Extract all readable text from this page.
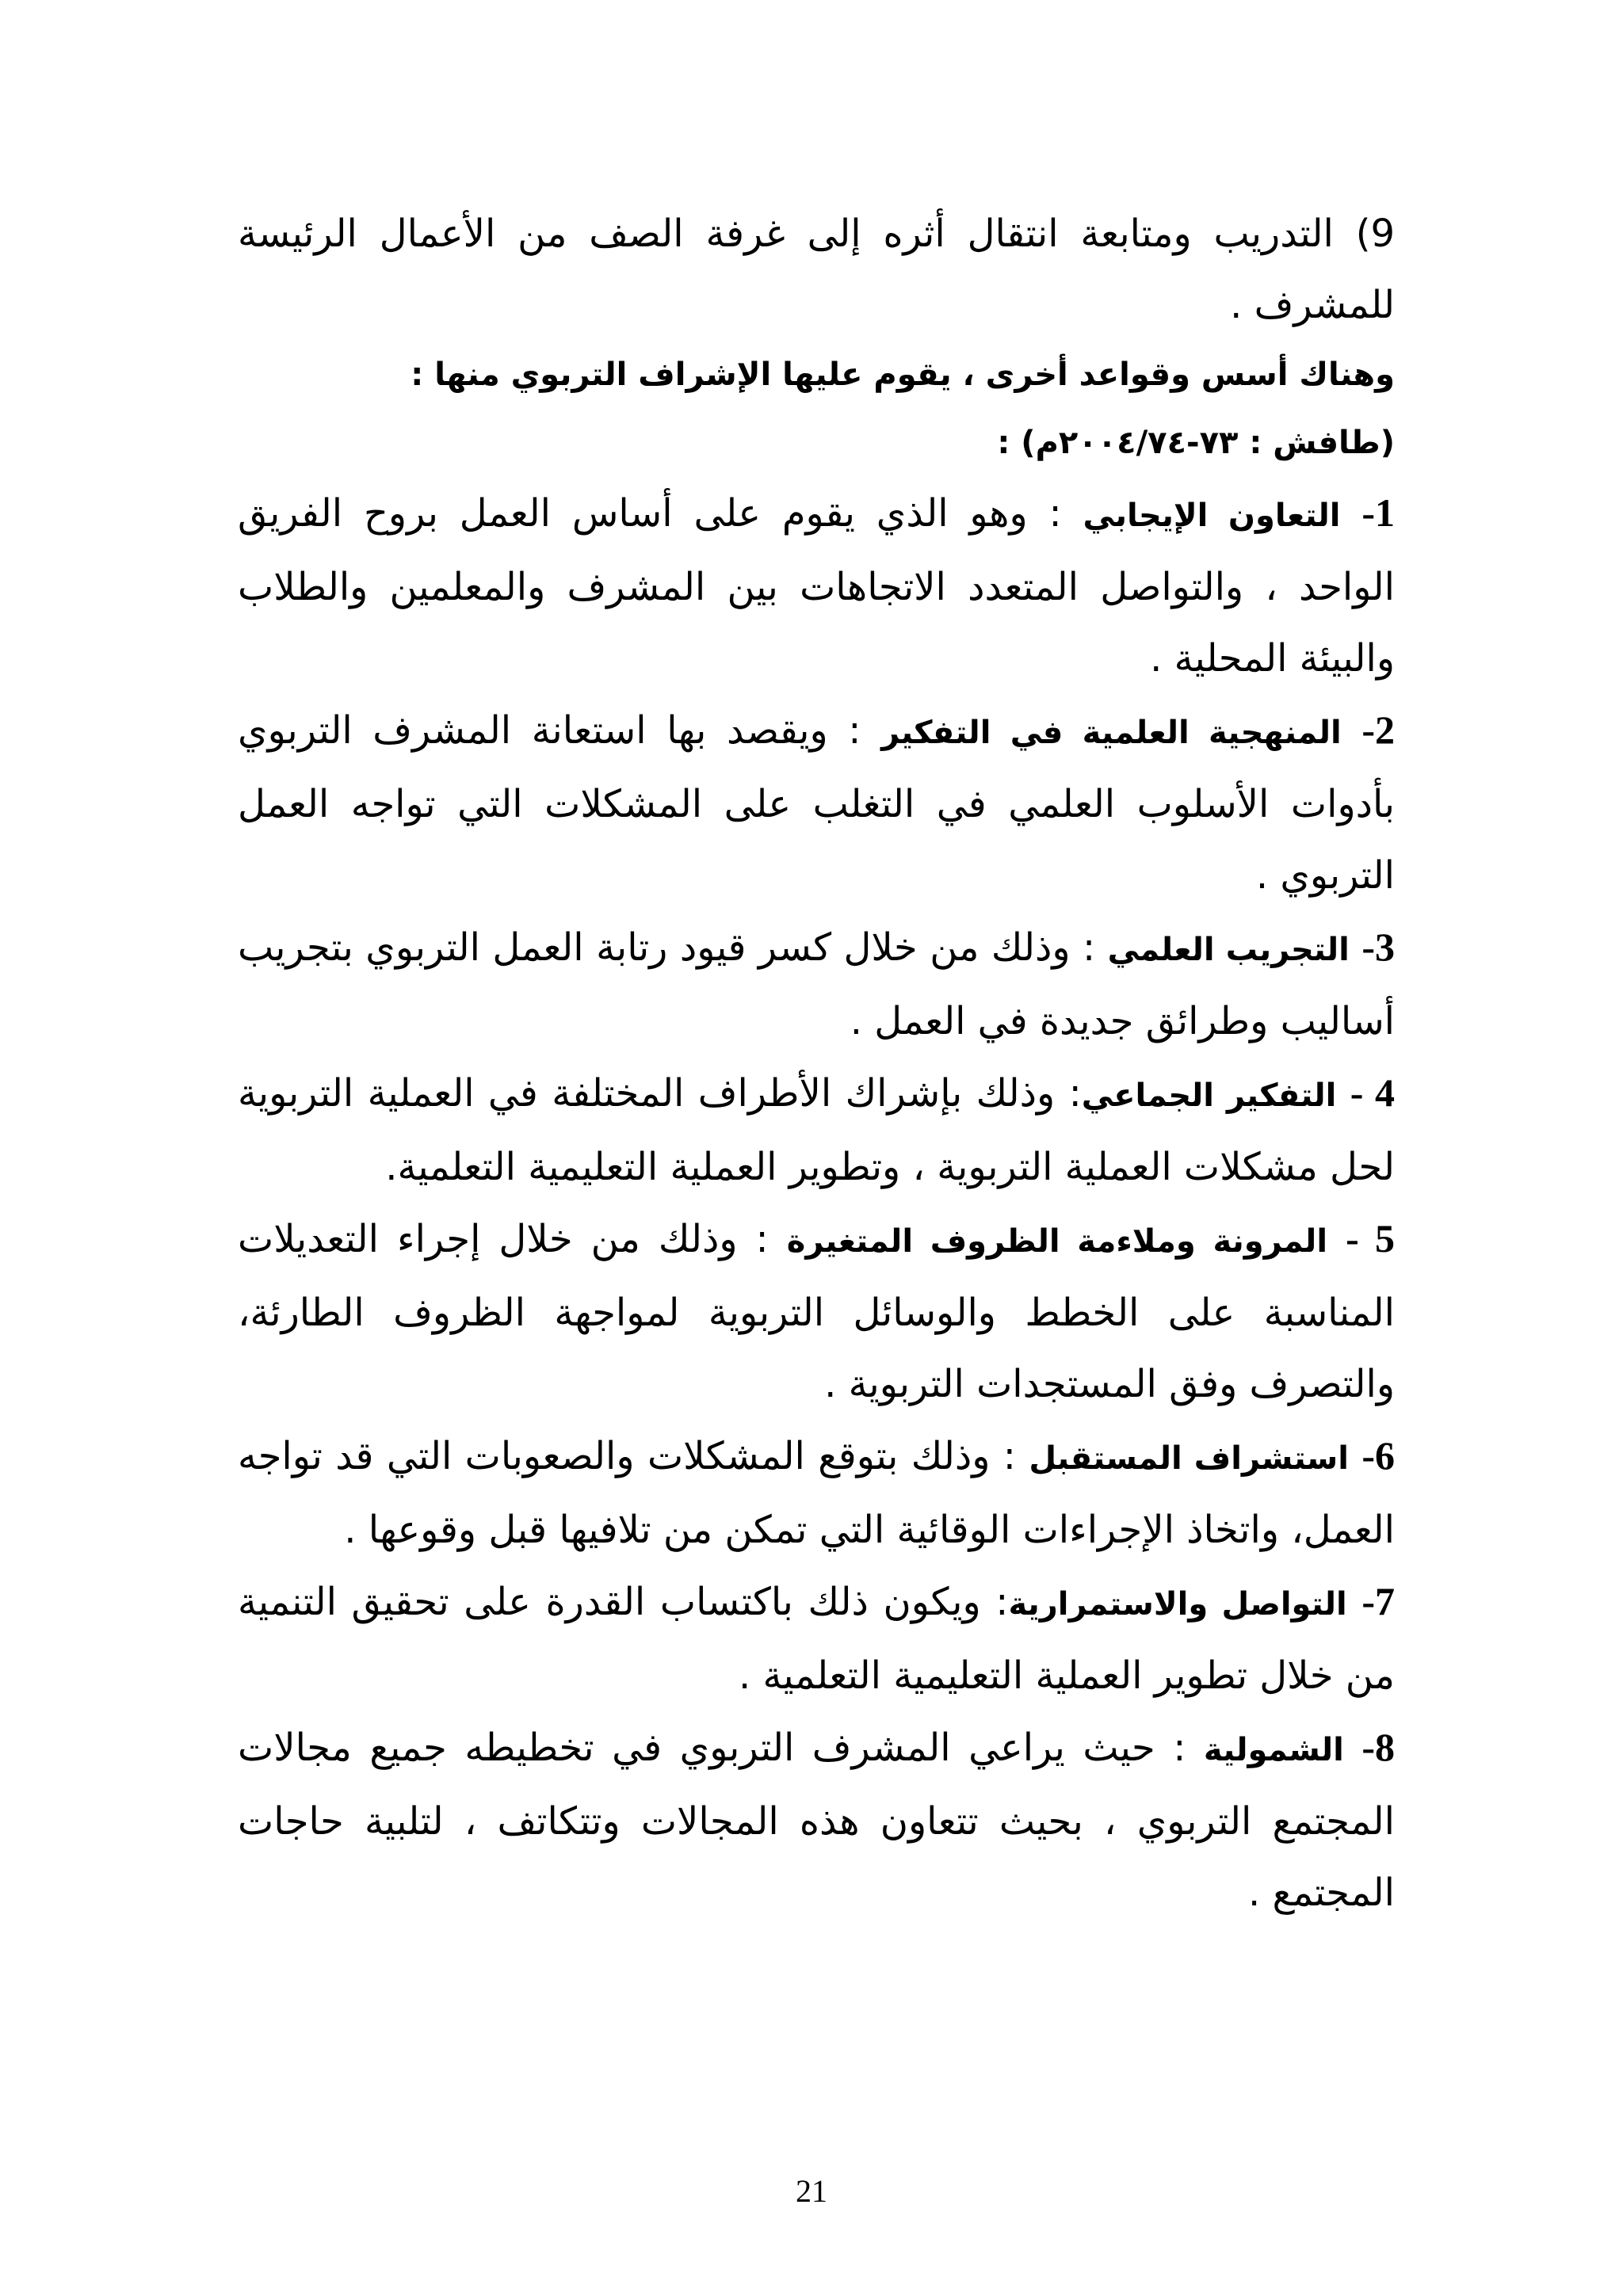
9) التدريب ومتابعة انتقال أثره إلى غرفة الصف من الأعمال الرئيسة للمشرف .

وهناك أسس وقواعد أخرى ، يقوم عليها الإشراف التربوي منها :

(طافش : ٧٣-٢٠٠٤/٧٤م) :

1- التعاون الإيجابي : وهو الذي يقوم على أساس العمل بروح الفريق الواحد ، والتواصل المتعدد الاتجاهات بين المشرف والمعلمين والطلاب والبيئة المحلية .

2- المنهجية العلمية في التفكير : ويقصد بها استعانة المشرف التربوي بأدوات الأسلوب العلمي في التغلب على المشكلات التي تواجه العمل التربوي .

3- التجريب العلمي : وذلك من خلال كسر قيود رتابة العمل التربوي بتجريب أساليب وطرائق جديدة في العمل .

4 - التفكير الجماعي: وذلك بإشراك الأطراف المختلفة في العملية التربوية لحل مشكلات العملية التربوية ، وتطوير العملية التعليمية التعلمية.

5 - المرونة وملاءمة الظروف المتغيرة : وذلك من خلال إجراء التعديلات المناسبة على الخطط والوسائل التربوية لمواجهة الظروف الطارئة، والتصرف وفق المستجدات التربوية .

6- استشراف المستقبل : وذلك بتوقع المشكلات والصعوبات التي قد تواجه العمل، واتخاذ الإجراءات الوقائية التي تمكن من تلافيها قبل وقوعها .

7- التواصل والاستمرارية: ويكون ذلك باكتساب القدرة على تحقيق التنمية من خلال تطوير العملية التعليمية التعلمية .

8- الشمولية : حيث يراعي المشرف التربوي في تخطيطه جميع مجالات المجتمع التربوي ، بحيث تتعاون هذه المجالات وتتكاتف ، لتلبية حاجات المجتمع .

21
